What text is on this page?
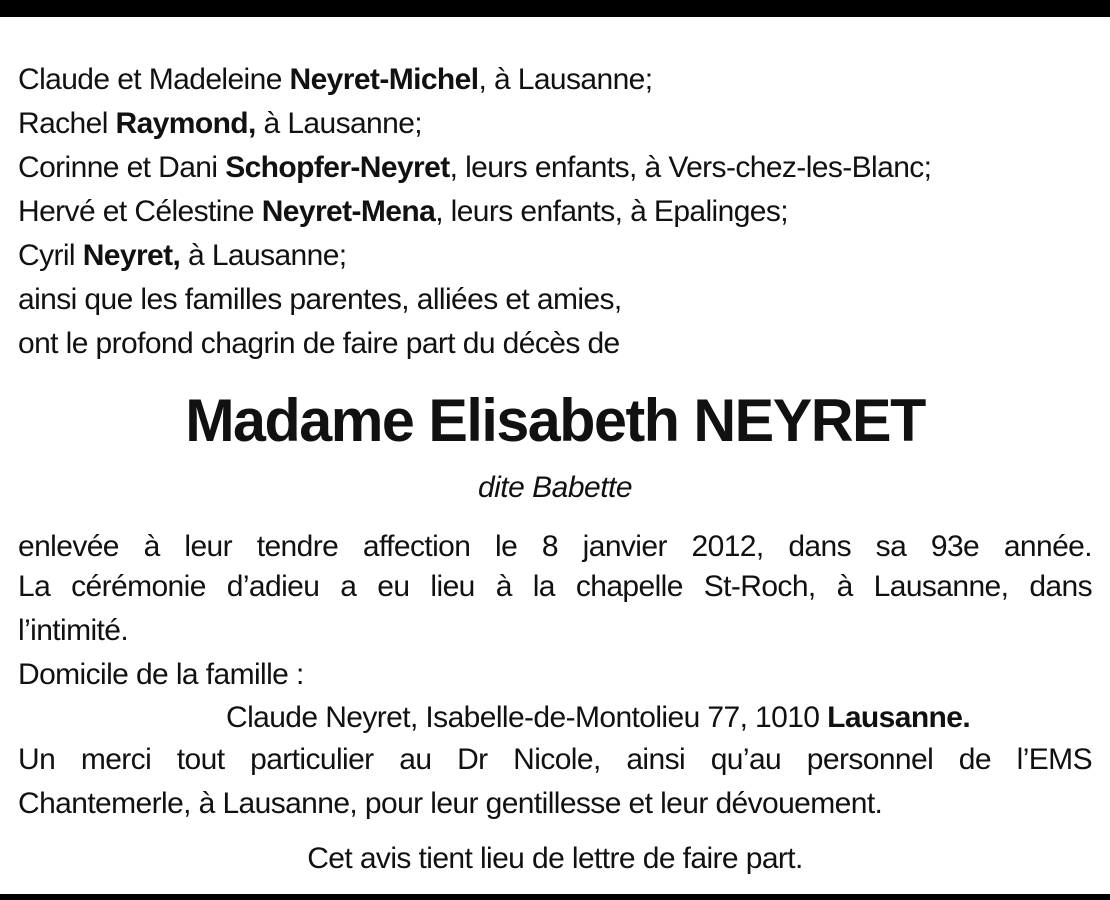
Claude et Madeleine Neyret-Michel, à Lausanne;
Rachel Raymond, à Lausanne;
Corinne et Dani Schopfer-Neyret, leurs enfants, à Vers-chez-les-Blanc;
Hervé et Célestine Neyret-Mena, leurs enfants, à Epalinges;
Cyril Neyret, à Lausanne;
ainsi que les familles parentes, alliées et amies,
ont le profond chagrin de faire part du décès de
Madame Elisabeth NEYRET
dite Babette
enlevée à leur tendre affection le 8 janvier 2012, dans sa 93e année.
La cérémonie d’adieu a eu lieu à la chapelle St-Roch, à Lausanne, dans
l’intimité.
Domicile de la famille :
Claude Neyret, Isabelle-de-Montolieu 77, 1010 Lausanne.
Un merci tout particulier au Dr Nicole, ainsi qu’au personnel de l’EMS
Chantemerle, à Lausanne, pour leur gentillesse et leur dévouement.
Cet avis tient lieu de lettre de faire part.
